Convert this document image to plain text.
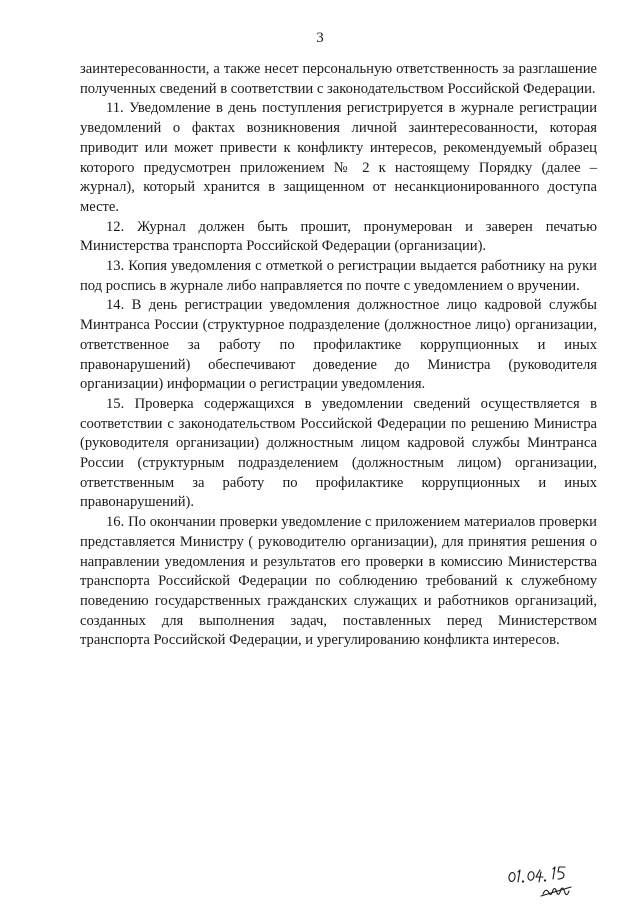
3

заинтересованности, а также несет персональную ответственность за разглашение полученных сведений в соответствии с законодательством Российской Федерации.

11. Уведомление в день поступления регистрируется в журнале регистрации уведомлений о фактах возникновения личной заинтересованности, которая приводит или может привести к конфликту интересов, рекомендуемый образец которого предусмотрен приложением № 2 к настоящему Порядку (далее – журнал), который хранится в защищенном от несанкционированного доступа месте.

12. Журнал должен быть прошит, пронумерован и заверен печатью Министерства транспорта Российской Федерации (организации).

13. Копия уведомления с отметкой о регистрации выдается работнику на руки под роспись в журнале либо направляется по почте с уведомлением о вручении.

14. В день регистрации уведомления должностное лицо кадровой службы Минтранса России (структурное подразделение (должностное лицо) организации, ответственное за работу по профилактике коррупционных и иных правонарушений) обеспечивают доведение до Министра (руководителя организации) информации о регистрации уведомления.

15. Проверка содержащихся в уведомлении сведений осуществляется в соответствии с законодательством Российской Федерации по решению Министра (руководителя организации) должностным лицом кадровой службы Минтранса России (структурным подразделением (должностным лицом) организации, ответственным за работу по профилактике коррупционных и иных правонарушений).

16. По окончании проверки уведомление с приложением материалов проверки представляется Министру ( руководителю организации), для принятия решения о направлении уведомления и результатов его проверки в комиссию Министерства транспорта Российской Федерации по соблюдению требований к служебному поведению государственных гражданских служащих и работников организаций, созданных для выполнения задач, поставленных перед Министерством транспорта Российской Федерации, и урегулированию конфликта интересов.
